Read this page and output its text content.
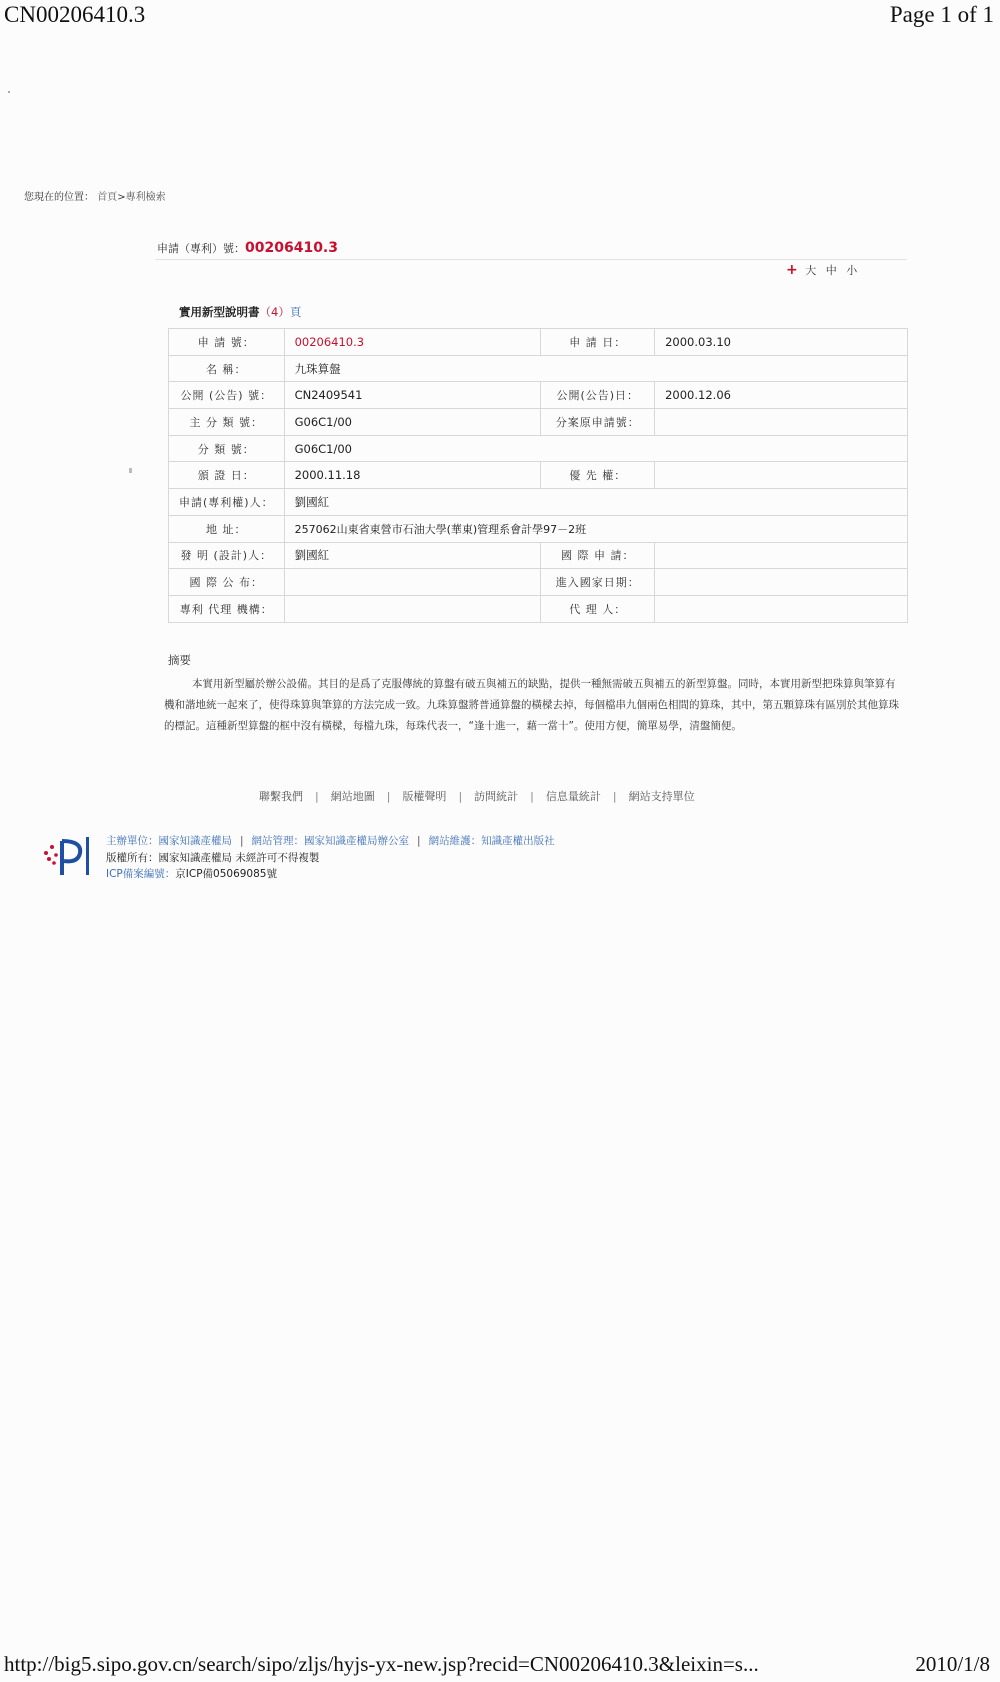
CN00206410.3	Page 1 of 1
您現在的位置： 首頁>專利檢索
申請（專利）號：00206410.3
+ 大 中 小
實用新型說明書（4）頁
申 請 號：	00206410.3	申 請 日：	2000.03.10
名 稱：	九珠算盤		
公開 (公告) 號：	CN2409541	公開(公告)日：	2000.12.06
主 分 類 號：	G06C1/00	分案原申請號：	
分 類 號：	G06C1/00		
頒 證 日：	2000.11.18	優 先 權：	
申請(專利權)人：	劉國紅		
地 址：	257062山東省東營市石油大學(華東)管理系會計學97－2班		
發 明 (設計)人：	劉國紅	國 際 申 請：	
國 際 公 布：		進入國家日期：	
專利 代理 機構：		代 理 人：	
摘要
本實用新型屬於辦公設備。其目的是爲了克服傳統的算盤有破五與補五的缺點，提供一種無需破五與補五的新型算盤。同時，本實用新型把珠算與筆算有機和諧地統一起來了，使得珠算與筆算的方法完成一致。九珠算盤將普通算盤的橫樑去掉，每個檔串九個兩色相間的算珠，其中，第五顆算珠有區別於其他算珠的標記。這種新型算盤的框中沒有橫樑，每檔九珠，每珠代表一，“逢十進一，藉一當十”。使用方便，簡單易學，清盤簡便。
聯繫我們 | 網站地圖 | 版權聲明 | 訪問統計 | 信息量統計 | 網站支持單位
主辦單位：國家知識產權局 | 網站管理：國家知識產權局辦公室 | 網站維護：知識產權出版社
版權所有：國家知識產權局 未經許可不得複製
ICP備案編號：京ICP備05069085號
http://big5.sipo.gov.cn/search/sipo/zljs/hyjs-yx-new.jsp?recid=CN00206410.3&leixin=s...	2010/1/8
